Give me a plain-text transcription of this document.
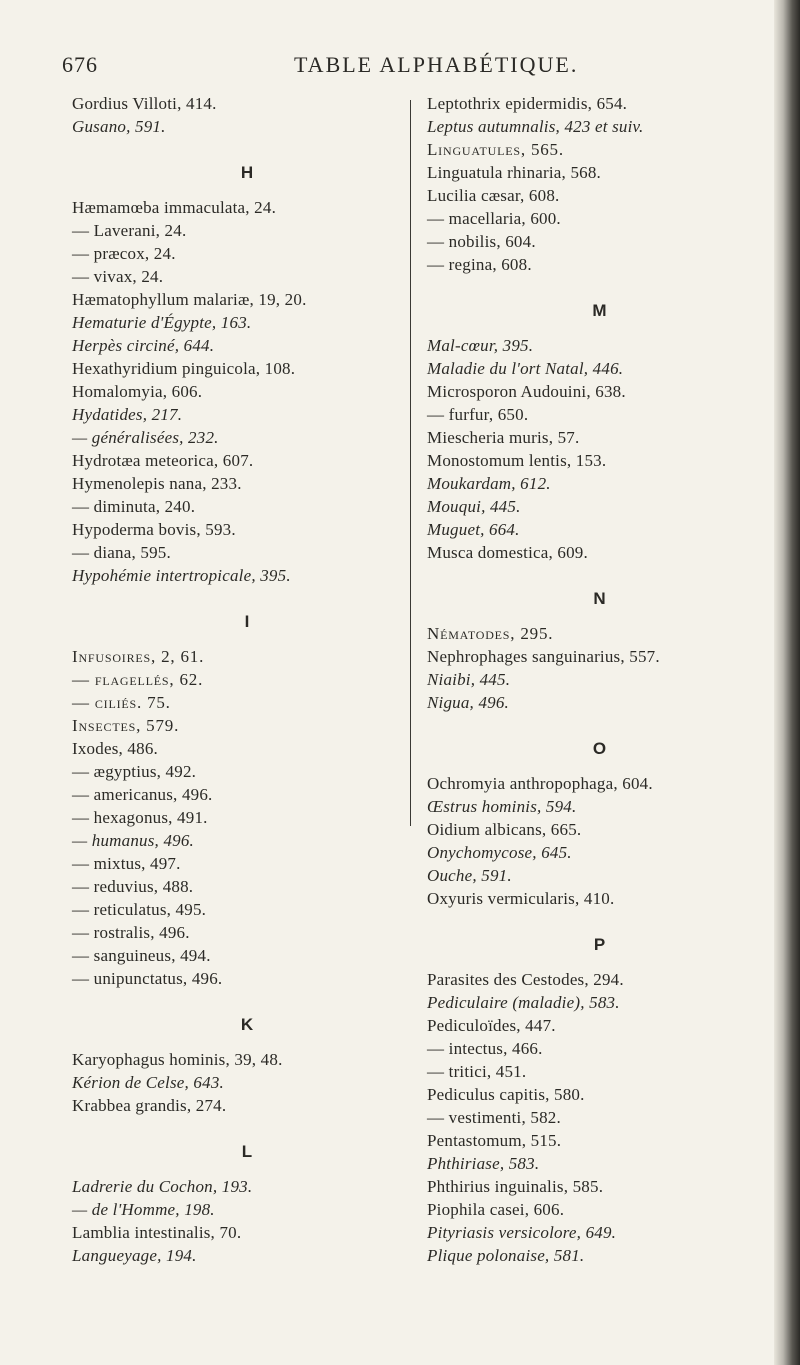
676	TABLE ALPHABÉTIQUE.
Gordius Villoti, 414.
Gusano, 591.
H
Hæmamœba immaculata, 24.
— Laverani, 24.
— præcox, 24.
— vivax, 24.
Hæmatophyllum malariæ, 19, 20.
Hematurie d'Égypte, 163.
Herpès circiné, 644.
Hexathyridium pinguicola, 108.
Homalomyia, 606.
Hydatides, 217.
— généralisées, 232.
Hydrotæa meteorica, 607.
Hymenolepis nana, 233.
— diminuta, 240.
Hypoderma bovis, 593.
— diana, 595.
Hypohémie intertropicale, 395.
I
Infusoires, 2, 61.
— flagellés, 62.
— ciliés. 75.
Insectes, 579.
Ixodes, 486.
— ægyptius, 492.
— americanus, 496.
— hexagonus, 491.
— humanus, 496.
— mixtus, 497.
— reduvius, 488.
— reticulatus, 495.
— rostralis, 496.
— sanguineus, 494.
— unipunctatus, 496.
K
Karyophagus hominis, 39, 48.
Kérion de Celse, 643.
Krabbea grandis, 274.
L
Ladrerie du Cochon, 193.
— de l'Homme, 198.
Lamblia intestinalis, 70.
Langueyage, 194.
Leptothrix epidermidis, 654.
Leptus autumnalis, 423 et suiv.
Linguatules, 565.
Linguatula rhinaria, 568.
Lucilia cæsar, 608.
— macellaria, 600.
— nobilis, 604.
— regina, 608.
M
Mal-cœur, 395.
Maladie du l'ort Natal, 446.
Microsporon Audouini, 638.
— furfur, 650.
Miescheria muris, 57.
Monostomum lentis, 153.
Moukardam, 612.
Mouqui, 445.
Muguet, 664.
Musca domestica, 609.
N
Nématodes, 295.
Nephrophages sanguinarius, 557.
Niaibi, 445.
Nigua, 496.
O
Ochromyia anthropophaga, 604.
Œstrus hominis, 594.
Oidium albicans, 665.
Onychomycose, 645.
Ouche, 591.
Oxyuris vermicularis, 410.
P
Parasites des Cestodes, 294.
Pediculaire (maladie), 583.
Pediculoïdes, 447.
— intectus, 466.
— tritici, 451.
Pediculus capitis, 580.
— vestimenti, 582.
Pentastomum, 515.
Phthiriase, 583.
Phthirius inguinalis, 585.
Piophila casei, 606.
Pityriasis versicolore, 649.
Plique polonaise, 581.
